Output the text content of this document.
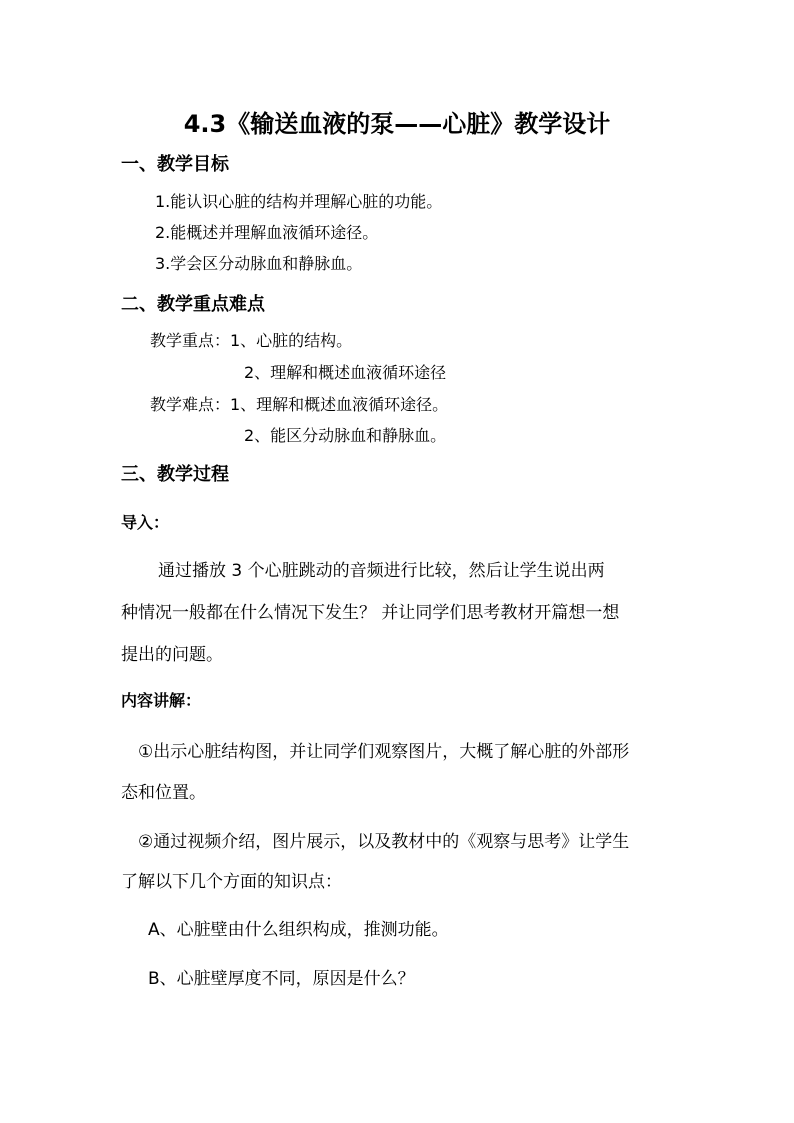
4.3《输送血液的泵——心脏》教学设计
一、教学目标
1.能认识心脏的结构并理解心脏的功能。
2.能概述并理解血液循环途径。
3.学会区分动脉血和静脉血。
二、教学重点难点
教学重点：1、心脏的结构。
2、理解和概述血液循环途径
教学难点：1、理解和概述血液循环途径。
2、能区分动脉血和静脉血。
三、教学过程
导入：
通过播放 3 个心脏跳动的音频进行比较，然后让学生说出两
种情况一般都在什么情况下发生？ 并让同学们思考教材开篇想一想
提出的问题。
内容讲解：
①出示心脏结构图，并让同学们观察图片，大概了解心脏的外部形
态和位置。
②通过视频介绍，图片展示，以及教材中的《观察与思考》让学生
了解以下几个方面的知识点：
A、心脏壁由什么组织构成，推测功能。
B、心脏壁厚度不同，原因是什么？
